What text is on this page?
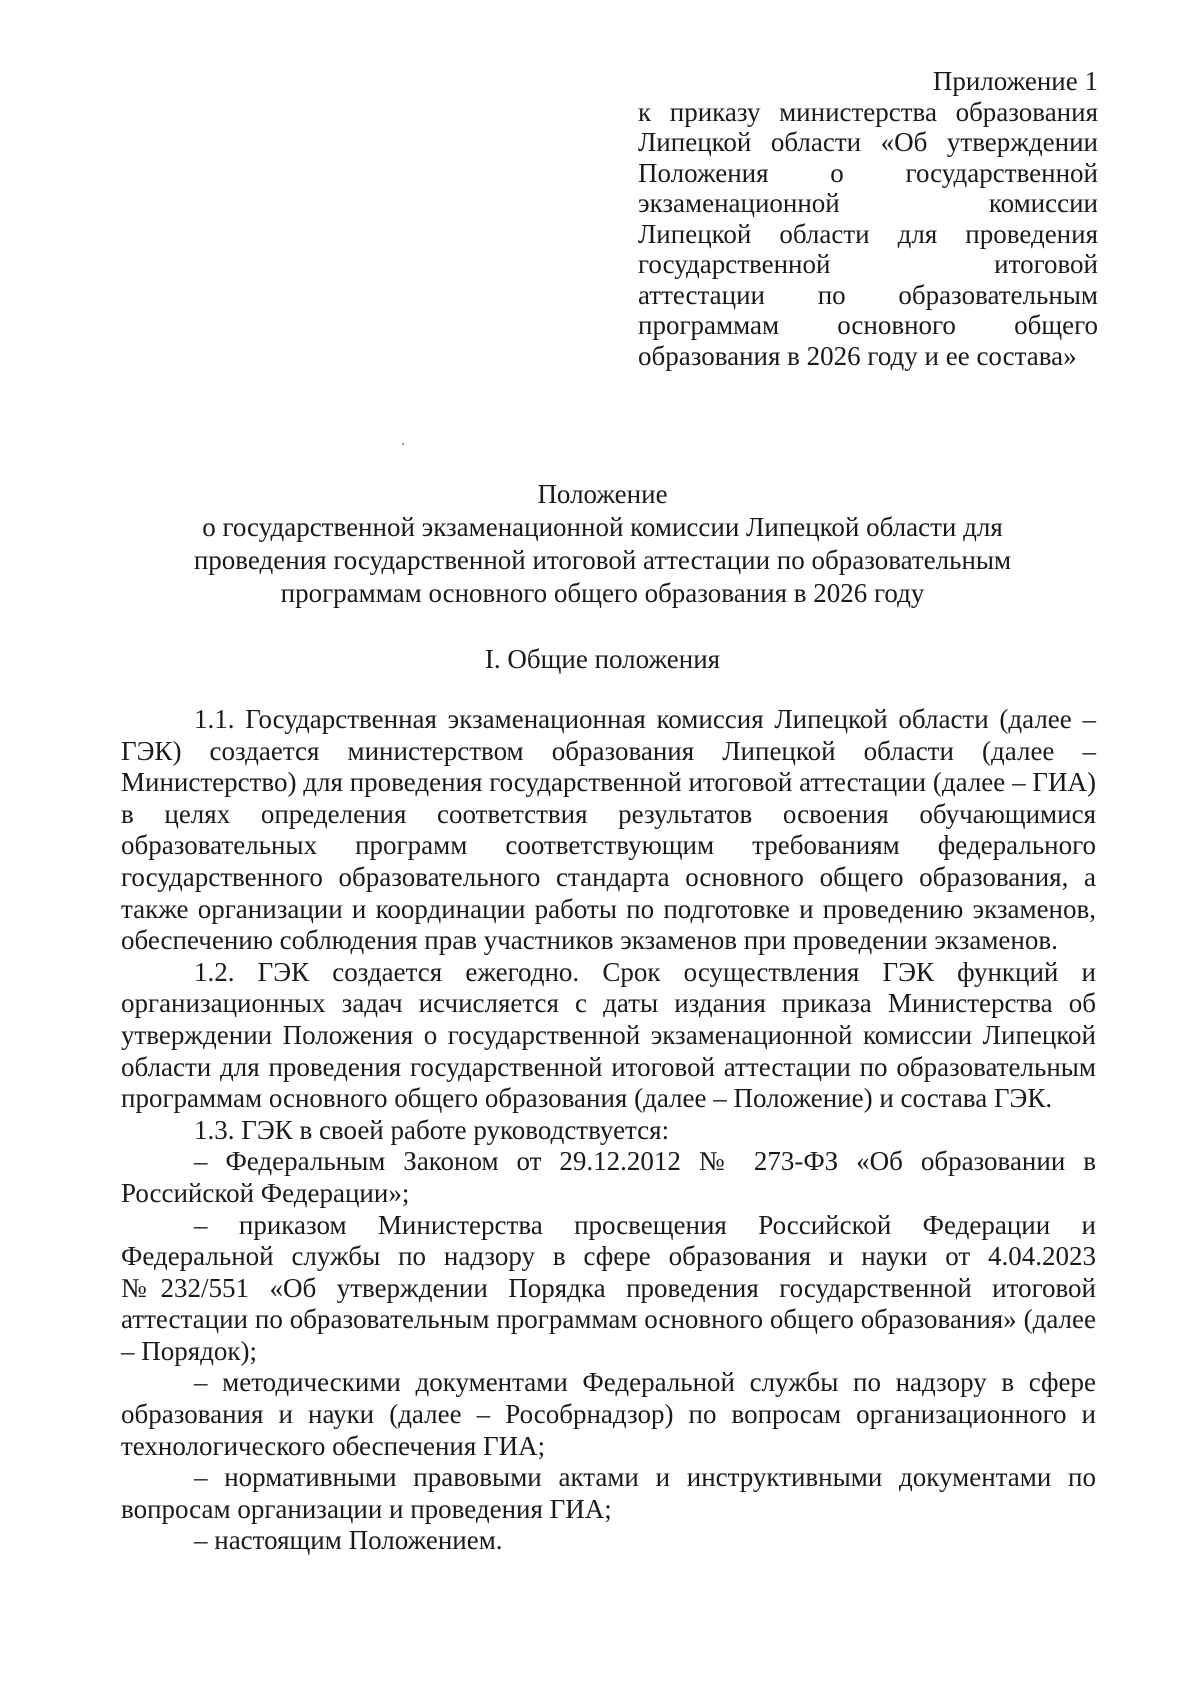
Приложение 1
к приказу министерства образования
Липецкой области «Об утверждении
Положения о государственной
экзаменационной комиссии
Липецкой области для проведения
государственной итоговой
аттестации по образовательным
программам основного общего
образования в 2026 году и ее состава»
Положение
о государственной экзаменационной комиссии Липецкой области для проведения государственной итоговой аттестации по образовательным программам основного общего образования в 2026 году
I. Общие положения

1.1. Государственная экзаменационная комиссия Липецкой области (далее – ГЭК) создается министерством образования Липецкой области (далее – Министерство) для проведения государственной итоговой аттестации (далее – ГИА) в целях определения соответствия результатов освоения обучающимися образовательных программ соответствующим требованиям федерального государственного образовательного стандарта основного общего образования, а также организации и координации работы по подготовке и проведению экзаменов, обеспечению соблюдения прав участников экзаменов при проведении экзаменов.

1.2. ГЭК создается ежегодно. Срок осуществления ГЭК функций и организационных задач исчисляется с даты издания приказа Министерства об утверждении Положения о государственной экзаменационной комиссии Липецкой области для проведения государственной итоговой аттестации по образовательным программам основного общего образования (далее – Положение) и состава ГЭК.

1.3. ГЭК в своей работе руководствуется:

– Федеральным Законом от 29.12.2012 № 273-ФЗ «Об образовании в Российской Федерации»;

– приказом Министерства просвещения Российской Федерации и Федеральной службы по надзору в сфере образования и науки от 4.04.2023 №232/551 «Об утверждении Порядка проведения государственной итоговой аттестации по образовательным программам основного общего образования» (далее – Порядок);

– методическими документами Федеральной службы по надзору в сфере образования и науки (далее – Рособрнадзор) по вопросам организационного и технологического обеспечения ГИА;

– нормативными правовыми актами и инструктивными документами по вопросам организации и проведения ГИА;

– настоящим Положением.
